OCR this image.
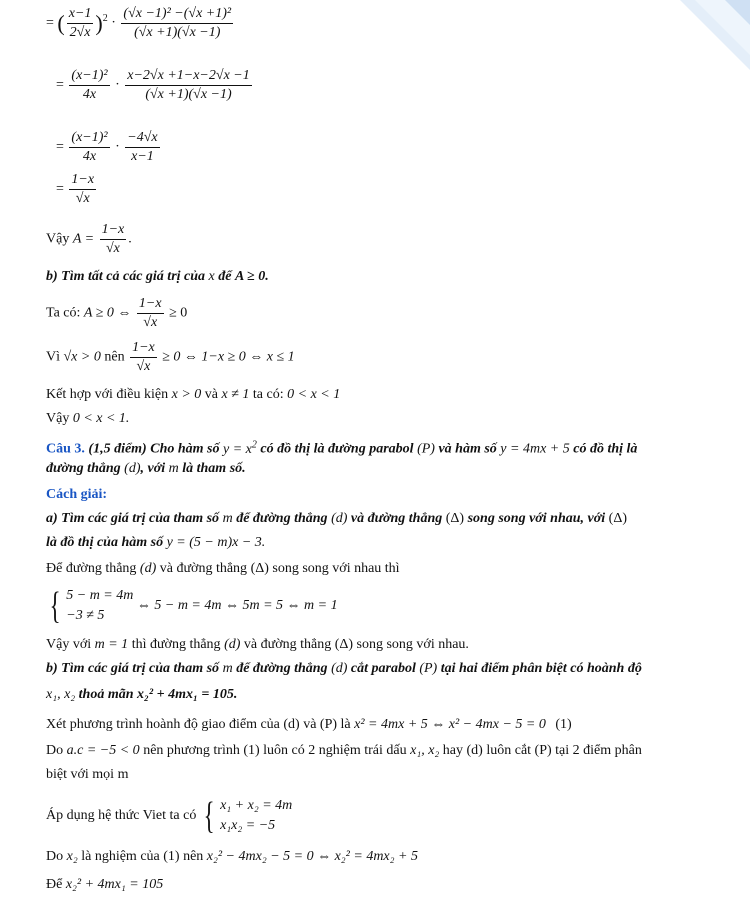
= ( $\frac{x-1}{2√x} )^2 \cdot \frac{\text{(√x −1)² −(√x +1)²}}{(√x +1)(√x -1)}$
= $\frac{\text{(x−1)²}}{4x} \cdot \frac{x-2√x +1-x-2√x -1}{(√x +1)(√x -1)}$
= $\frac{\text{(x−1)²}}{4x} \cdot \frac{-4√x}{x-1}$
= $\frac{1-x}{√x}$
Vậy $A = \frac{1-x}{√x}$ .
b) Tìm tất cả các giá trị của x để A ≥ 0.
Ta có: A ≥ 0 ⇔ $\frac{1-x}{√x} \ge 0$
Vì √x > 0 nên $\frac{1-x}{√x} \ge 0$ ⇔ 1−x ≥ 0 ⇔ x ≤ 1
Kết hợp với điều kiện x > 0 và x ≠ 1 ta có: 0 < x < 1
Vậy 0 < x < 1.
Câu 3. (1,5 điểm) Cho hàm số $y = x^2$ có đồ thị là đường parabol (P) và hàm số y = 4mx + 5 có đồ thị là
đường thẳng (d), với m là tham số.
Cách giải:
a) Tìm các giá trị của tham số m để đường thẳng (d) và đường thẳng (Δ) song song với nhau, với (Δ)
là đồ thị của hàm số y = (5 − m)x − 3.
Để đường thẳng (d) và đường thẳng (Δ) song song với nhau thì
{ 5 − m = 4m
−3 ≠ 5
⇔ 5 − m = 4m ⇔ 5m = 5 ⇔ m = 1
Vậy với m = 1 thì đường thẳng (d) và đường thẳng (Δ) song song với nhau.
b) Tìm các giá trị của tham số m để đường thẳng (d) cắt parabol (P) tại hai điểm phân biệt có hoành độ
x₁, x₂ thoả mãn x₂² + 4mx₁ = 105.
Xét phương trình hoành độ giao điểm của (d) và (P) là x² = 4mx + 5 ⇔ x² − 4mx − 5 = 0 (1)
Do a.c = −5 < 0 nên phương trình (1) luôn có 2 nghiệm trái dấu x₁, x₂ hay (d) luôn cắt (P) tại 2 điểm phân
biệt với mọi m
Áp dụng hệ thức Viet ta có { x₁ + x₂ = 4m
x₁x₂ = −5
Do x₂ là nghiệm của (1) nên x₂² − 4mx₂ − 5 = 0 ⇔ x₂² = 4mx₂ + 5
Để x₂² + 4mx₁ = 105
